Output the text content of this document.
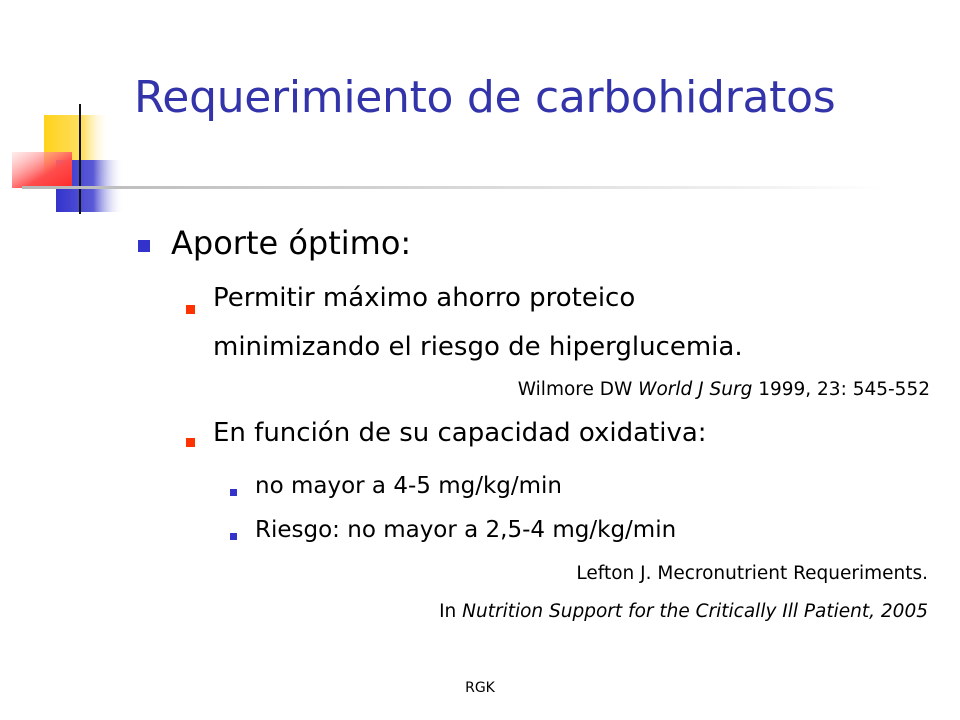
Requerimiento de carbohidratos
Aporte óptimo:
Permitir máximo ahorro proteico
minimizando el riesgo de hiperglucemia.
Wilmore DW World J Surg 1999, 23: 545-552
En función de su capacidad oxidativa:
no mayor a 4-5 mg/kg/min
Riesgo: no mayor a 2,5-4 mg/kg/min
Lefton J. Mecronutrient Requeriments.
In Nutrition Support for the Critically Ill Patient, 2005
RGK
